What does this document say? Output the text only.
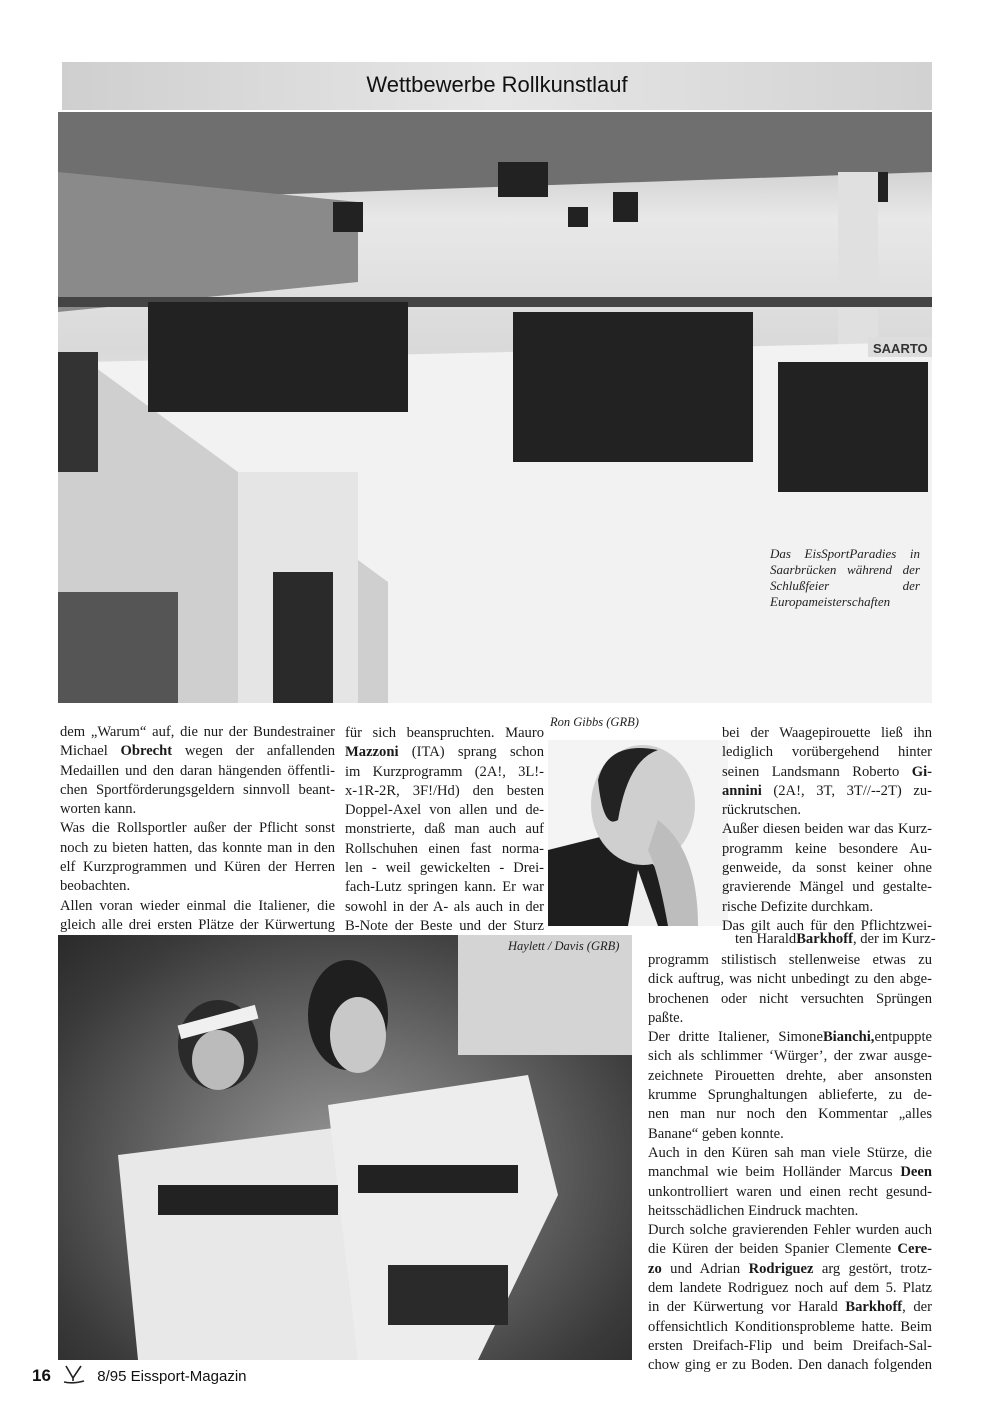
Wettbewerbe Rollkunstlauf
SAARTO
Das EisSportParadies in Saarbrücken während der Schlußfeier der Europameisterschaften
Ron Gibbs (GRB)
Haylett / Davis (GRB)
dem „Warum“ auf, die nur der Bundestrainer
Michael Obrecht wegen der anfallenden
Medaillen und den daran hängenden öffentli-
chen Sportförderungsgeldern sinnvoll beant-
worten kann.
Was die Rollsportler außer der Pflicht sonst
noch zu bieten hatten, das konnte man in den
elf Kurzprogrammen und Küren der Herren
beobachten.
Allen voran wieder einmal die Italiener, die
gleich alle drei ersten Plätze der Kürwertung
für sich beanspruchten. Mauro
Mazzoni (ITA) sprang schon
im Kurzprogramm (2A!, 3L!-
x-1R-2R, 3F!/Hd) den besten
Doppel-Axel von allen und de-
monstrierte, daß man auch auf
Rollschuhen einen fast norma-
len - weil gewickelten - Drei-
fach-Lutz springen kann. Er war
sowohl in der A- als auch in der
B-Note der Beste und der Sturz
bei der Waagepirouette ließ ihn
lediglich vorübergehend hinter
seinen Landsmann Roberto Gi-
annini (2A!, 3T, 3T//--2T) zu-
rückrutschen.
Außer diesen beiden war das Kurz-
programm keine besondere Au-
genweide, da sonst keiner ohne
gravierende Mängel und gestalte-
rische Defizite durchkam.
Das gilt auch für den Pflichtzwei-
ten HaraldBarkhoff, der im Kurz-
programm stilistisch stellenweise etwas zu
dick auftrug, was nicht unbedingt zu den abge-
brochenen oder nicht versuchten Sprüngen
paßte.
Der dritte Italiener, SimoneBianchi,entpuppte
sich als schlimmer ‘Würger’, der zwar ausge-
zeichnete Pirouetten drehte, aber ansonsten
krumme Sprunghaltungen ablieferte, zu de-
nen man nur noch den Kommentar „alles
Banane“ geben konnte.
Auch in den Küren sah man viele Stürze, die
manchmal wie beim Holländer Marcus Deen
unkontrolliert waren und einen recht gesund-
heitsschädlichen Eindruck machten.
Durch solche gravierenden Fehler wurden auch
die Küren der beiden Spanier Clemente Cere-
zo und Adrian Rodriguez arg gestört, trotz-
dem landete Rodriguez noch auf dem 5. Platz
in der Kürwertung vor Harald Barkhoff, der
offensichtlich Konditionsprobleme hatte. Beim
ersten Dreifach-Flip und beim Dreifach-Sal-
chow ging er zu Boden. Den danach folgenden
16	8/95 Eissport-Magazin
